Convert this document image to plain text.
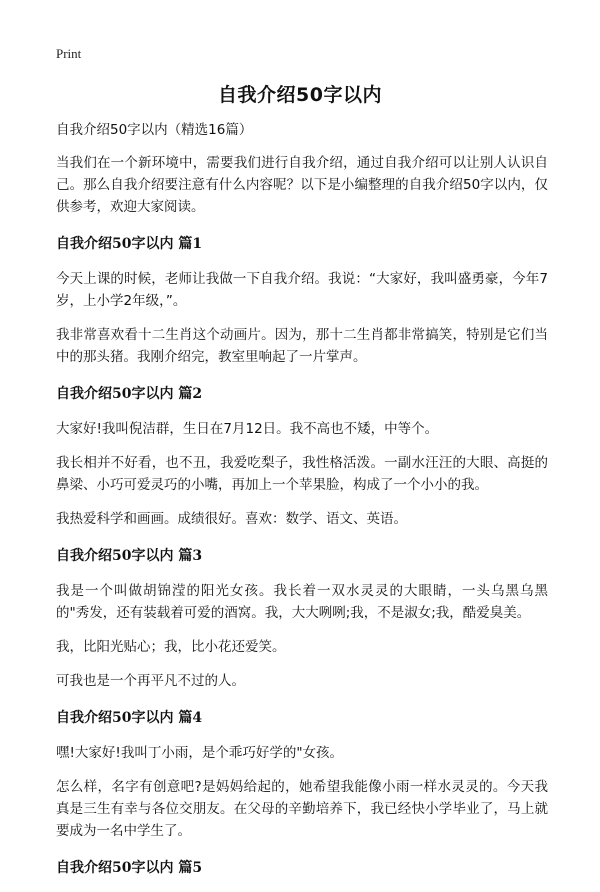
Print
自我介绍50字以内
自我介绍50字以内（精选16篇）
当我们在一个新环境中，需要我们进行自我介绍，通过自我介绍可以让别人认识自己。那么自我介绍要注意有什么内容呢？以下是小编整理的自我介绍50字以内，仅供参考，欢迎大家阅读。
自我介绍50字以内 篇1
今天上课的时候，老师让我做一下自我介绍。我说：“大家好，我叫盛勇豪，今年7岁，上小学2年级，”。
我非常喜欢看十二生肖这个动画片。因为，那十二生肖都非常搞笑，特别是它们当中的那头猪。我刚介绍完，教室里响起了一片掌声。
自我介绍50字以内 篇2
大家好!我叫倪洁群，生日在7月12日。我不高也不矮，中等个。
我长相并不好看，也不丑，我爱吃梨子，我性格活泼。一副水汪汪的大眼、高挺的鼻梁、小巧可爱灵巧的小嘴，再加上一个苹果脸，构成了一个小小的我。
我热爱科学和画画。成绩很好。喜欢：数学、语文、英语。
自我介绍50字以内 篇3
我是一个叫做胡锦滢的阳光女孩。我长着一双水灵灵的大眼睛，一头乌黑乌黑的"秀发，还有装载着可爱的酒窝。我，大大咧咧;我，不是淑女;我，酷爱臭美。
我，比阳光贴心；我，比小花还爱笑。
可我也是一个再平凡不过的人。
自我介绍50字以内 篇4
嘿!大家好!我叫丁小雨，是个乖巧好学的"女孩。
怎么样，名字有创意吧?是妈妈给起的，她希望我能像小雨一样水灵灵的。今天我真是三生有幸与各位交朋友。在父母的辛勤培养下，我已经快小学毕业了，马上就要成为一名中学生了。
自我介绍50字以内 篇5
